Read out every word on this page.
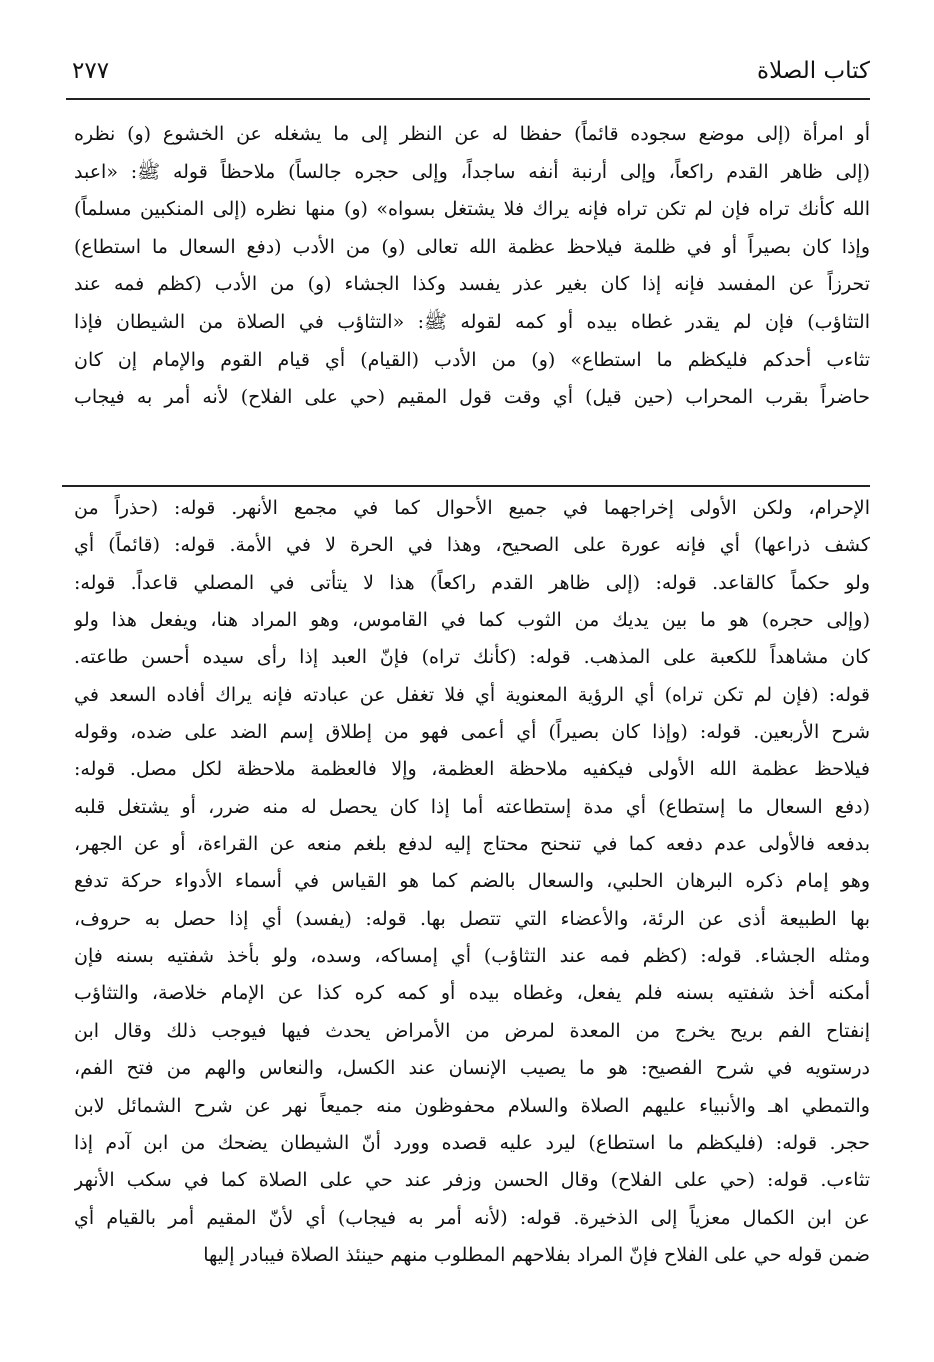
كتاب الصلاة
٢٧٧
أو امرأة (إلى موضع سجوده قائماً) حفظا له عن النظر إلى ما يشغله عن الخشوع (و) نظره
(إلى ظاهر القدم راكعاً، وإلى أرنبة أنفه ساجداً، وإلى حجره جالساً) ملاحظاً قوله ﷺ: «اعبد
الله كأنك تراه فإن لم تكن تراه فإنه يراك فلا يشتغل بسواه» (و) منها نظره (إلى المنكبين مسلماً)
وإذا كان بصيراً أو في ظلمة فيلاحظ عظمة الله تعالى (و) من الأدب (دفع السعال ما استطاع)
تحرزاً عن المفسد فإنه إذا كان بغير عذر يفسد وكذا الجشاء (و) من الأدب (كظم فمه عند
التثاؤب) فإن لم يقدر غطاه بيده أو كمه لقوله ﷺ: «التثاؤب في الصلاة من الشيطان فإذا
تثاءب أحدكم فليكظم ما استطاع» (و) من الأدب (القيام) أي قيام القوم والإمام إن كان
حاضراً بقرب المحراب (حين قيل) أي وقت قول المقيم (حي على الفلاح) لأنه أمر به فيجاب
الإحرام، ولكن الأولى إخراجهما في جميع الأحوال كما في مجمع الأنهر. قوله: (حذراً من
كشف ذراعها) أي فإنه عورة على الصحيح، وهذا في الحرة لا في الأمة. قوله: (قائماً) أي
ولو حكماً كالقاعد. قوله: (إلى ظاهر القدم راكعاً) هذا لا يتأتى في المصلي قاعداً. قوله:
(وإلى حجره) هو ما بين يديك من الثوب كما في القاموس، وهو المراد هنا، ويفعل هذا ولو
كان مشاهداً للكعبة على المذهب. قوله: (كأنك تراه) فإنّ العبد إذا رأى سيده أحسن طاعته.
قوله: (فإن لم تكن تراه) أي الرؤية المعنوية أي فلا تغفل عن عبادته فإنه يراك أفاده السعد في
شرح الأربعين. قوله: (وإذا كان بصيراً) أي أعمى فهو من إطلاق إسم الضد على ضده، وقوله
فيلاحظ عظمة الله الأولى فيكفيه ملاحظة العظمة، وإلا فالعظمة ملاحظة لكل مصل. قوله:
(دفع السعال ما إستطاع) أي مدة إستطاعته أما إذا كان يحصل له منه ضرر، أو يشتغل قلبه
بدفعه فالأولى عدم دفعه كما في تنحنح محتاج إليه لدفع بلغم منعه عن القراءة، أو عن الجهر،
وهو إمام ذكره البرهان الحلبي، والسعال بالضم كما هو القياس في أسماء الأدواء حركة تدفع
بها الطبيعة أذى عن الرئة، والأعضاء التي تتصل بها. قوله: (يفسد) أي إذا حصل به حروف،
ومثله الجشاء. قوله: (كظم فمه عند التثاؤب) أي إمساكه، وسده، ولو بأخذ شفتيه بسنه فإن
أمكنه أخذ شفتيه بسنه فلم يفعل، وغطاه بيده أو كمه كره كذا عن الإمام خلاصة، والتثاؤب
إنفتاح الفم بريح يخرج من المعدة لمرض من الأمراض يحدث فيها فيوجب ذلك وقال ابن
درستويه في شرح الفصيح: هو ما يصيب الإنسان عند الكسل، والنعاس والهم من فتح الفم،
والتمطي اهـ والأنبياء عليهم الصلاة والسلام محفوظون منه جميعاً نهر عن شرح الشمائل لابن
حجر. قوله: (فليكظم ما استطاع) ليرد عليه قصده وورد أنّ الشيطان يضحك من ابن آدم إذا
تثاءب. قوله: (حي على الفلاح) وقال الحسن وزفر عند حي على الصلاة كما في سكب الأنهر
عن ابن الكمال معزياً إلى الذخيرة. قوله: (لأنه أمر به فيجاب) أي لأنّ المقيم أمر بالقيام أي
ضمن قوله حي على الفلاح فإنّ المراد بفلاحهم المطلوب منهم حينئذ الصلاة فيبادر إليها
